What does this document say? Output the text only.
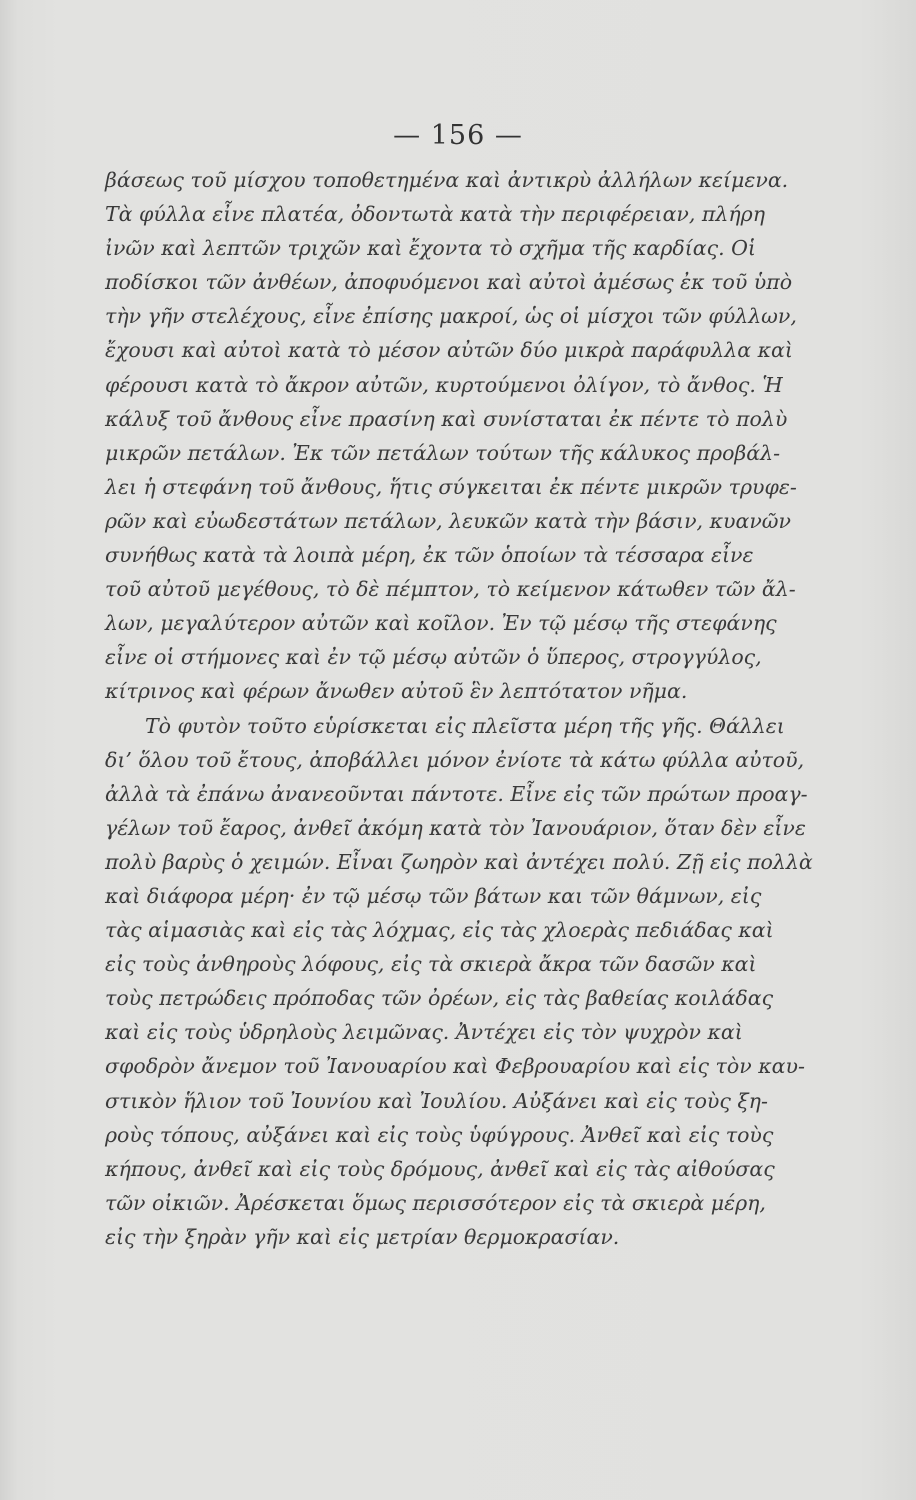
— 156 —
βάσεως τοῦ μίσχου τοποθετημένα καὶ ἀντικρὺ ἀλλήλων κείμενα.
Τὰ φύλλα εἶνε πλατέα, ὀδοντωτὰ κατὰ τὴν περιφέρειαν, πλήρη
ἰνῶν καὶ λεπτῶν τριχῶν καὶ ἔχοντα τὸ σχῆμα τῆς καρδίας. Οἱ
ποδίσκοι τῶν ἀνθέων, ἀποφυόμενοι καὶ αὐτοὶ ἀμέσως ἐκ τοῦ ὑπὸ
τὴν γῆν στελέχους, εἶνε ἐπίσης μακροί, ὡς οἱ μίσχοι τῶν φύλλων,
ἔχουσι καὶ αὐτοὶ κατὰ τὸ μέσον αὐτῶν δύο μικρὰ παράφυλλα καὶ
φέρουσι κατὰ τὸ ἄκρον αὐτῶν, κυρτούμενοι ὀλίγον, τὸ ἄνθος. Ἡ
κάλυξ τοῦ ἄνθους εἶνε πρασίνη καὶ συνίσταται ἐκ πέντε τὸ πολὺ
μικρῶν πετάλων. Ἐκ τῶν πετάλων τούτων τῆς κάλυκος προβάλ-
λει ἡ στεφάνη τοῦ ἄνθους, ἥτις σύγκειται ἐκ πέντε μικρῶν τρυφε-
ρῶν καὶ εὐωδεστάτων πετάλων, λευκῶν κατὰ τὴν βάσιν, κυανῶν
συνήθως κατὰ τὰ λοιπὰ μέρη, ἐκ τῶν ὁποίων τὰ τέσσαρα εἶνε
τοῦ αὐτοῦ μεγέθους, τὸ δὲ πέμπτον, τὸ κείμενον κάτωθεν τῶν ἄλ-
λων, μεγαλύτερον αὐτῶν καὶ κοῖλον. Ἐν τῷ μέσῳ τῆς στεφάνης
εἶνε οἱ στήμονες καὶ ἐν τῷ μέσῳ αὐτῶν ὁ ὕπερος, στρογγύλος,
κίτρινος καὶ φέρων ἄνωθεν αὐτοῦ ἓν λεπτότατον νῆμα.
Τὸ φυτὸν τοῦτο εὑρίσκεται εἰς πλεῖστα μέρη τῆς γῆς. Θάλλει
δι’ ὅλου τοῦ ἔτους, ἀποβάλλει μόνον ἐνίοτε τὰ κάτω φύλλα αὐτοῦ,
ἀλλὰ τὰ ἐπάνω ἀνανεοῦνται πάντοτε. Εἶνε εἰς τῶν πρώτων προαγ-
γέλων τοῦ ἔαρος, ἀνθεῖ ἀκόμη κατὰ τὸν Ἰανουάριον, ὅταν δὲν εἶνε
πολὺ βαρὺς ὁ χειμών. Εἶναι ζωηρὸν καὶ ἀντέχει πολύ. Ζῇ εἰς πολλὰ
καὶ διάφορα μέρη· ἐν τῷ μέσῳ τῶν βάτων και τῶν θάμνων, εἰς
τὰς αἱμασιὰς καὶ εἰς τὰς λόχμας, εἰς τὰς χλοερὰς πεδιάδας καὶ
εἰς τοὺς ἀνθηροὺς λόφους, εἰς τὰ σκιερὰ ἄκρα τῶν δασῶν καὶ
τοὺς πετρώδεις πρόποδας τῶν ὀρέων, εἰς τὰς βαθείας κοιλάδας
καὶ εἰς τοὺς ὑδρηλοὺς λειμῶνας. Ἀντέχει εἰς τὸν ψυχρὸν καὶ
σφοδρὸν ἄνεμον τοῦ Ἰανουαρίου καὶ Φεβρουαρίου καὶ εἰς τὸν καυ-
στικὸν ἥλιον τοῦ Ἰουνίου καὶ Ἰουλίου. Αὐξάνει καὶ εἰς τοὺς ξη-
ροὺς τόπους, αὐξάνει καὶ εἰς τοὺς ὑφύγρους. Ἀνθεῖ καὶ εἰς τοὺς
κήπους, ἀνθεῖ καὶ εἰς τοὺς δρόμους, ἀνθεῖ καὶ εἰς τὰς αἰθούσας
τῶν οἰκιῶν. Ἀρέσκεται ὅμως περισσότερον εἰς τὰ σκιερὰ μέρη,
εἰς τὴν ξηρὰν γῆν καὶ εἰς μετρίαν θερμοκρασίαν.
